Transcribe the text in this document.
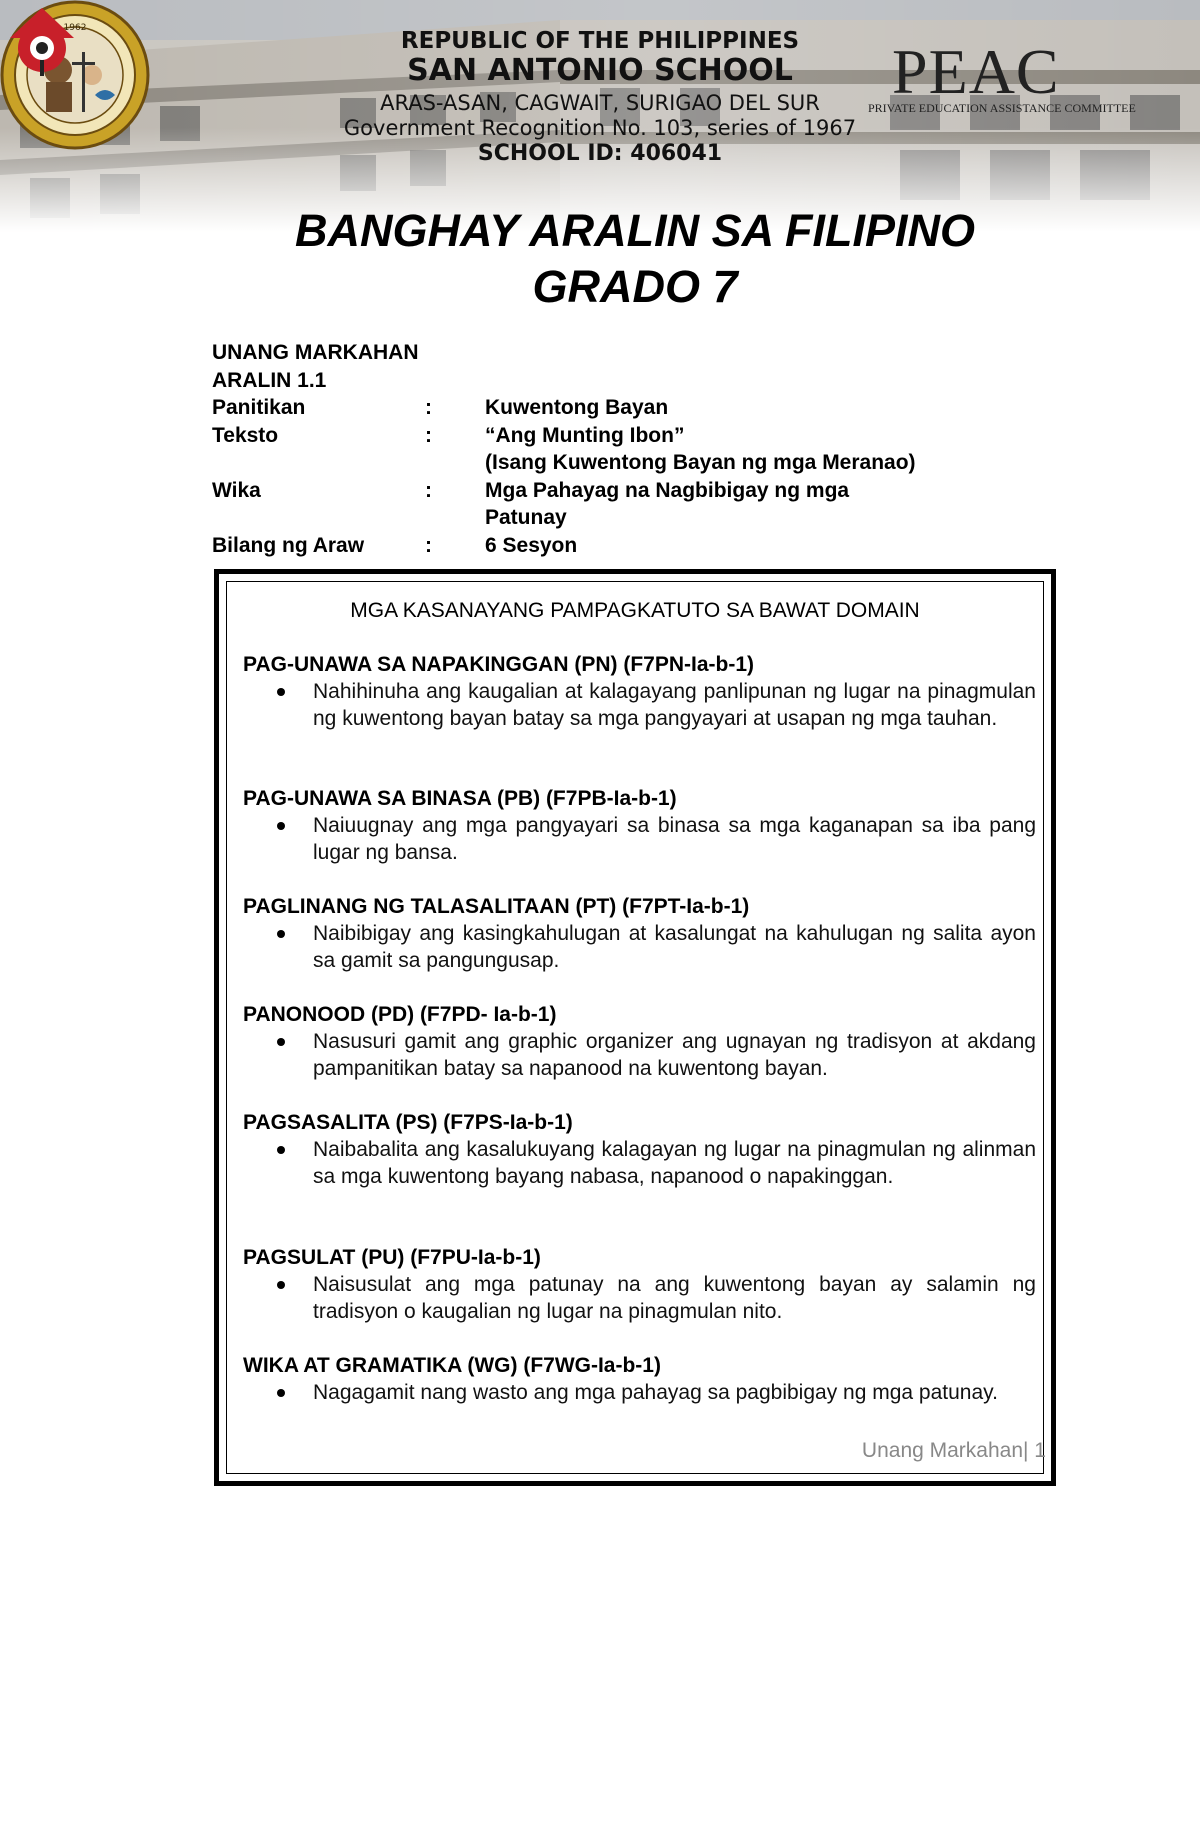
1962
PEAC
PRIVATE EDUCATION ASSISTANCE COMMITTEE
REPUBLIC OF THE PHILIPPINES
SAN ANTONIO SCHOOL
ARAS-ASAN, CAGWAIT, SURIGAO DEL SUR
Government Recognition No. 103, series of 1967
SCHOOL ID: 406041
BANGHAY ARALIN SA FILIPINO
GRADO 7
UNANG MARKAHAN
ARALIN 1.1
Panitikan	:	Kuwentong Bayan
Teksto	:	“Ang Munting Ibon”
(Isang Kuwentong Bayan ng mga Meranao)
Wika	:	Mga Pahayag na Nagbibigay ng mga
Patunay
Bilang ng Araw	:	6 Sesyon
MGA KASANAYANG PAMPAGKATUTO SA BAWAT DOMAIN
PAG-UNAWA SA NAPAKINGGAN (PN) (F7PN-Ia-b-1)
Nahihinuha ang kaugalian at kalagayang panlipunan ng lugar na pinagmulan ng kuwentong bayan batay sa mga pangyayari at usapan ng mga tauhan.
PAG-UNAWA SA BINASA (PB) (F7PB-Ia-b-1)
Naiuugnay ang mga pangyayari sa binasa sa mga kaganapan sa iba pang lugar ng bansa.
PAGLINANG NG TALASALITAAN (PT) (F7PT-Ia-b-1)
Naibibigay ang kasingkahulugan at kasalungat na kahulugan ng salita ayon sa gamit sa pangungusap.
PANONOOD (PD) (F7PD- Ia-b-1)
Nasusuri gamit ang graphic organizer ang ugnayan ng tradisyon at akdang pampanitikan batay sa napanood na kuwentong bayan.
PAGSASALITA (PS) (F7PS-Ia-b-1)
Naibabalita ang kasalukuyang kalagayan ng lugar na pinagmulan ng alinman sa mga kuwentong bayang nabasa, napanood o napakinggan.
PAGSULAT (PU) (F7PU-Ia-b-1)
Naisusulat ang mga patunay na ang kuwentong bayan ay salamin ng tradisyon o kaugalian ng lugar na pinagmulan nito.
WIKA AT GRAMATIKA (WG) (F7WG-Ia-b-1)
Nagagamit nang wasto ang mga pahayag sa pagbibigay ng mga patunay.
Unang Markahan| 1
